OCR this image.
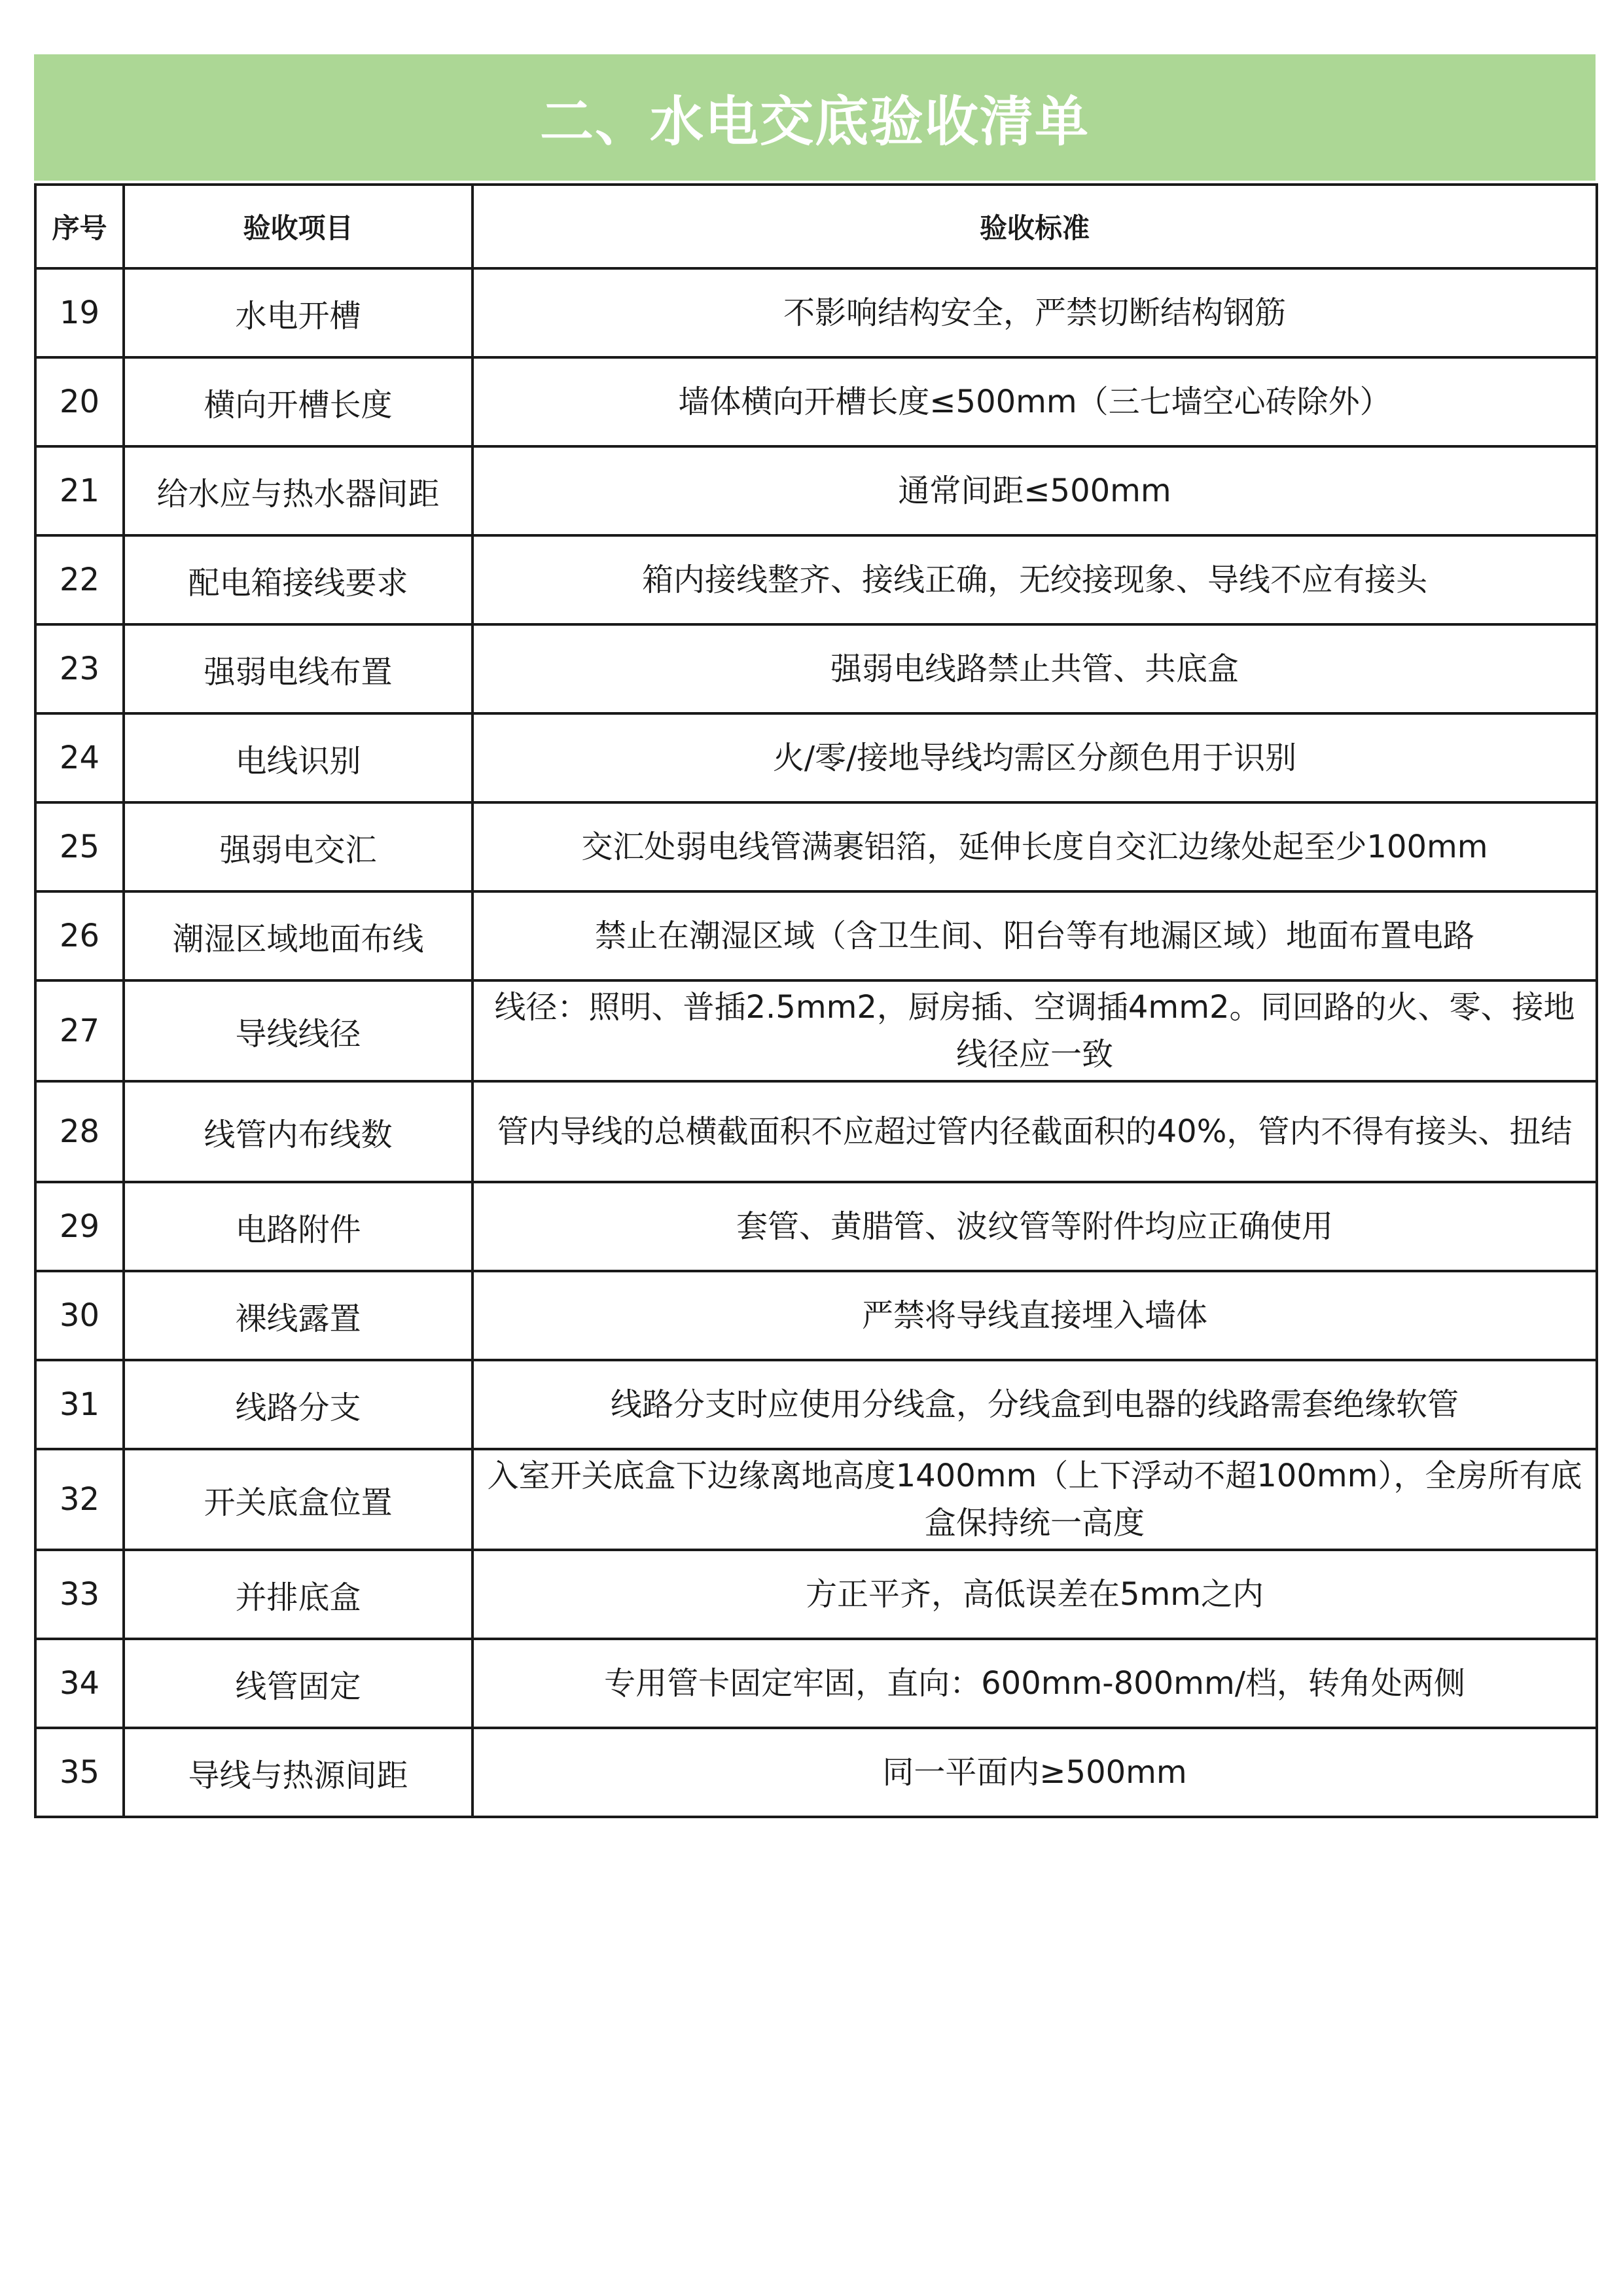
二、水电交底验收清单
序号	验收项目	验收标准
19	水电开槽	不影响结构安全，严禁切断结构钢筋
20	横向开槽长度	墙体横向开槽长度≤500mm（三七墙空心砖除外）
21	给水应与热水器间距	通常间距≤500mm
22	配电箱接线要求	箱内接线整齐、接线正确，无绞接现象、导线不应有接头
23	强弱电线布置	强弱电线路禁止共管、共底盒
24	电线识别	火/零/接地导线均需区分颜色用于识别
25	强弱电交汇	交汇处弱电线管满裹铝箔，延伸长度自交汇边缘处起至少100mm
26	潮湿区域地面布线	禁止在潮湿区域（含卫生间、阳台等有地漏区域）地面布置电路
27	导线线径	线径：照明、普插2.5mm2，厨房插、空调插4mm2。同回路的火、零、接地线径应一致
28	线管内布线数	管内导线的总横截面积不应超过管内径截面积的40%，管内不得有接头、扭结
29	电路附件	套管、黄腊管、波纹管等附件均应正确使用
30	裸线露置	严禁将导线直接埋入墙体
31	线路分支	线路分支时应使用分线盒，分线盒到电器的线路需套绝缘软管
32	开关底盒位置	入室开关底盒下边缘离地高度1400mm（上下浮动不超100mm），全房所有底盒保持统一高度
33	并排底盒	方正平齐，高低误差在5mm之内
34	线管固定	专用管卡固定牢固，直向：600mm-800mm/档，转角处两侧
35	导线与热源间距	同一平面内≥500mm
